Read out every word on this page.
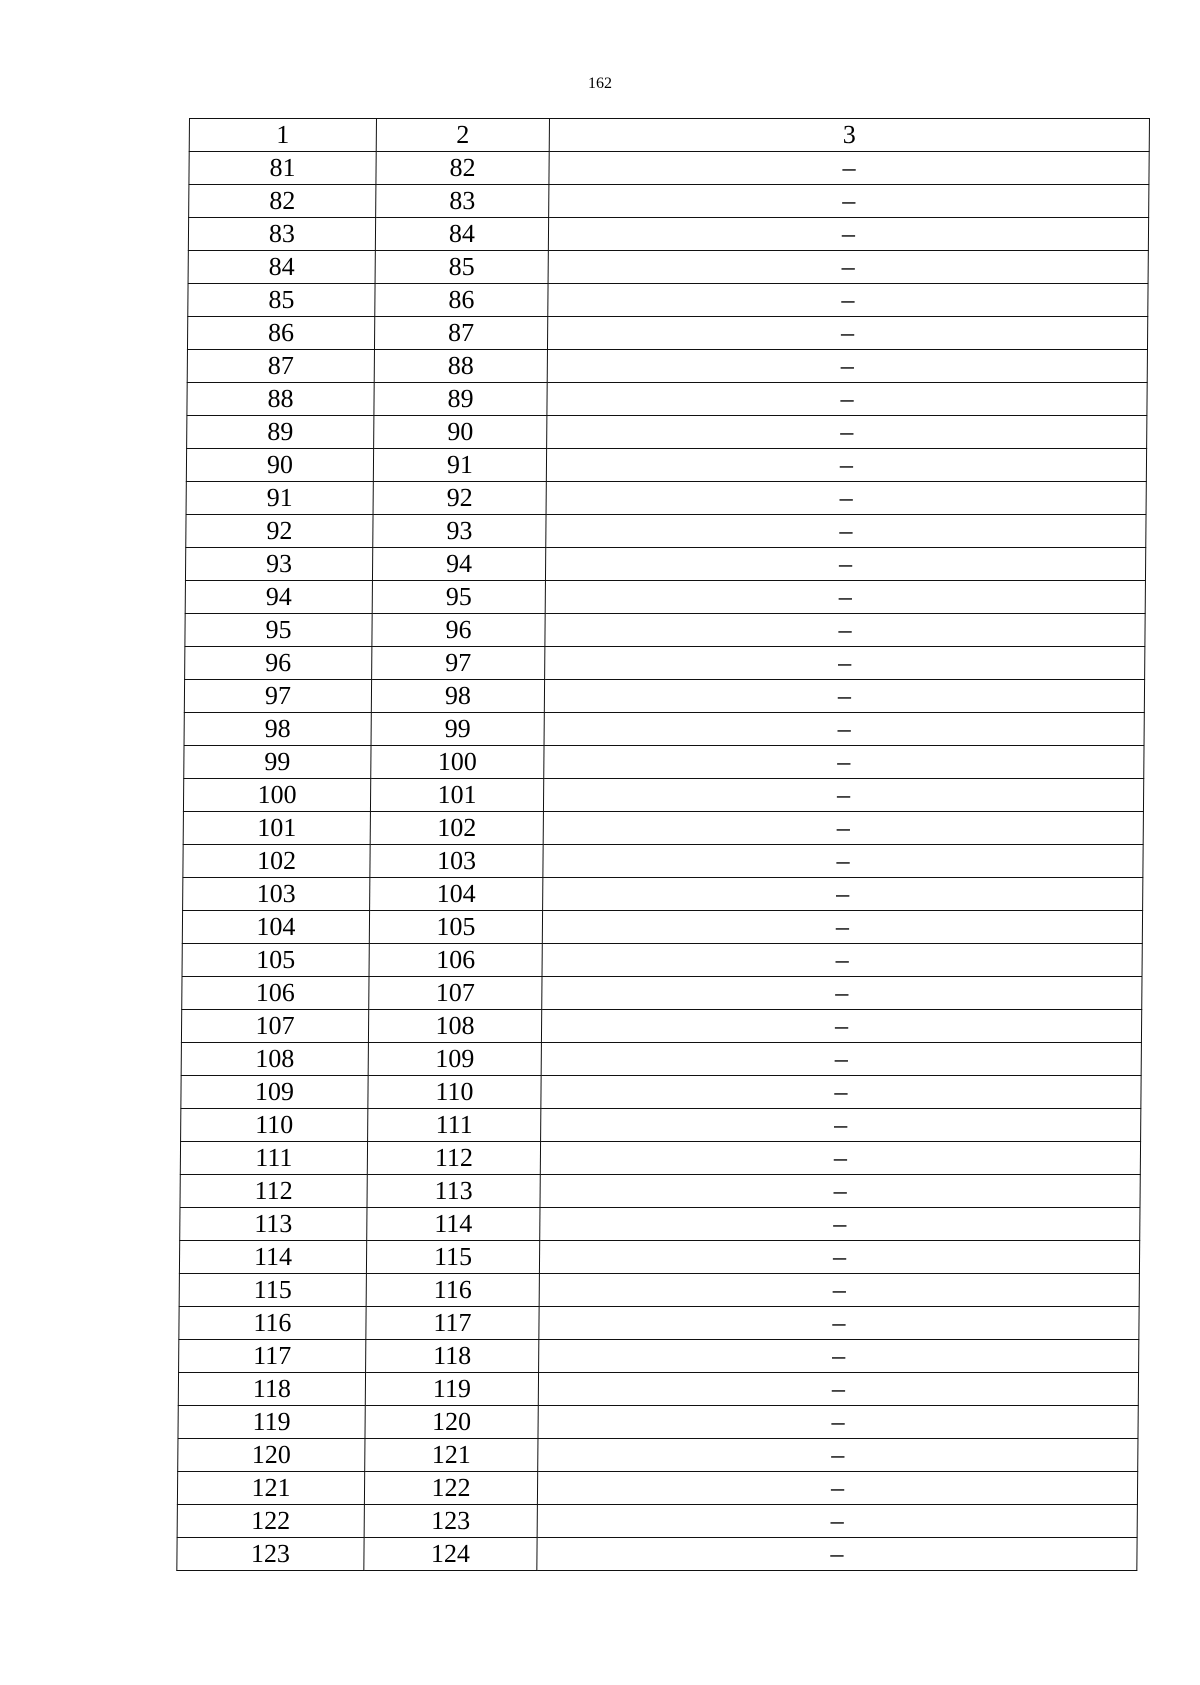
162
1	2	3
81	82	–
82	83	–
83	84	–
84	85	–
85	86	–
86	87	–
87	88	–
88	89	–
89	90	–
90	91	–
91	92	–
92	93	–
93	94	–
94	95	–
95	96	–
96	97	–
97	98	–
98	99	–
99	100	–
100	101	–
101	102	–
102	103	–
103	104	–
104	105	–
105	106	–
106	107	–
107	108	–
108	109	–
109	110	–
110	111	–
111	112	–
112	113	–
113	114	–
114	115	–
115	116	–
116	117	–
117	118	–
118	119	–
119	120	–
120	121	–
121	122	–
122	123	–
123	124	–
